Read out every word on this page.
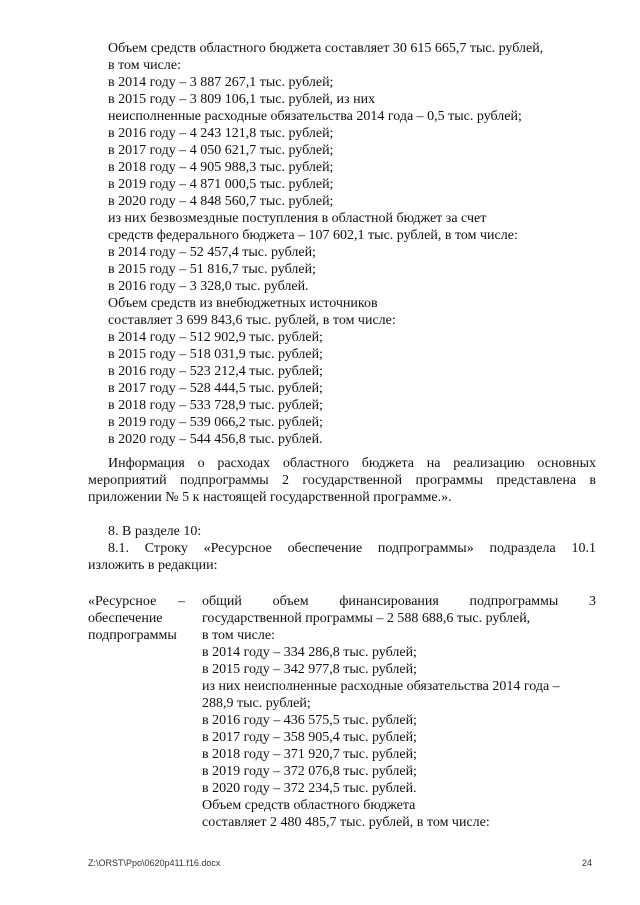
Объем средств областного бюджета составляет 30 615 665,7 тыс. рублей,
в том числе:
в 2014 году – 3 887 267,1 тыс. рублей;
в 2015 году – 3 809 106,1 тыс. рублей, из них
неисполненные расходные обязательства 2014 года – 0,5 тыс. рублей;
в 2016 году – 4 243 121,8 тыс. рублей;
в 2017 году – 4 050 621,7 тыс. рублей;
в 2018 году – 4 905 988,3 тыс. рублей;
в 2019 году – 4 871 000,5 тыс. рублей;
в 2020 году – 4 848 560,7 тыс. рублей;
из них безвозмездные поступления в областной бюджет за счет
средств федерального бюджета – 107 602,1 тыс. рублей, в том числе:
в 2014 году – 52 457,4 тыс. рублей;
в 2015 году – 51 816,7 тыс. рублей;
в 2016 году – 3 328,0 тыс. рублей.
Объем средств из внебюджетных источников
составляет 3 699 843,6 тыс. рублей, в том числе:
в 2014 году – 512 902,9 тыс. рублей;
в 2015 году – 518 031,9 тыс. рублей;
в 2016 году – 523 212,4 тыс. рублей;
в 2017 году – 528 444,5 тыс. рублей;
в 2018 году – 533 728,9 тыс. рублей;
в 2019 году – 539 066,2 тыс. рублей;
в 2020 году – 544 456,8 тыс. рублей.
Информация о расходах областного бюджета на реализацию основных
мероприятий подпрограммы 2 государственной программы представлена в
приложении № 5 к настоящей государственной программе.».
8. В разделе 10:
8.1. Строку «Ресурсное обеспечение подпрограммы» подраздела 10.1
изложить в редакции:
«Ресурсное
обеспечение
подпрограммы
– общий объем финансирования подпрограммы 3
государственной программы – 2 588 688,6 тыс. рублей,
в том числе:
в 2014 году – 334 286,8 тыс. рублей;
в 2015 году – 342 977,8 тыс. рублей;
из них неисполненные расходные обязательства 2014 года –
288,9 тыс. рублей;
в 2016 году – 436 575,5 тыс. рублей;
в 2017 году – 358 905,4 тыс. рублей;
в 2018 году – 371 920,7 тыс. рублей;
в 2019 году – 372 076,8 тыс. рублей;
в 2020 году – 372 234,5 тыс. рублей.
Объем средств областного бюджета
составляет 2 480 485,7 тыс. рублей, в том числе:
Z:\ORST\Ppo\0620p411.f16.docx	24
